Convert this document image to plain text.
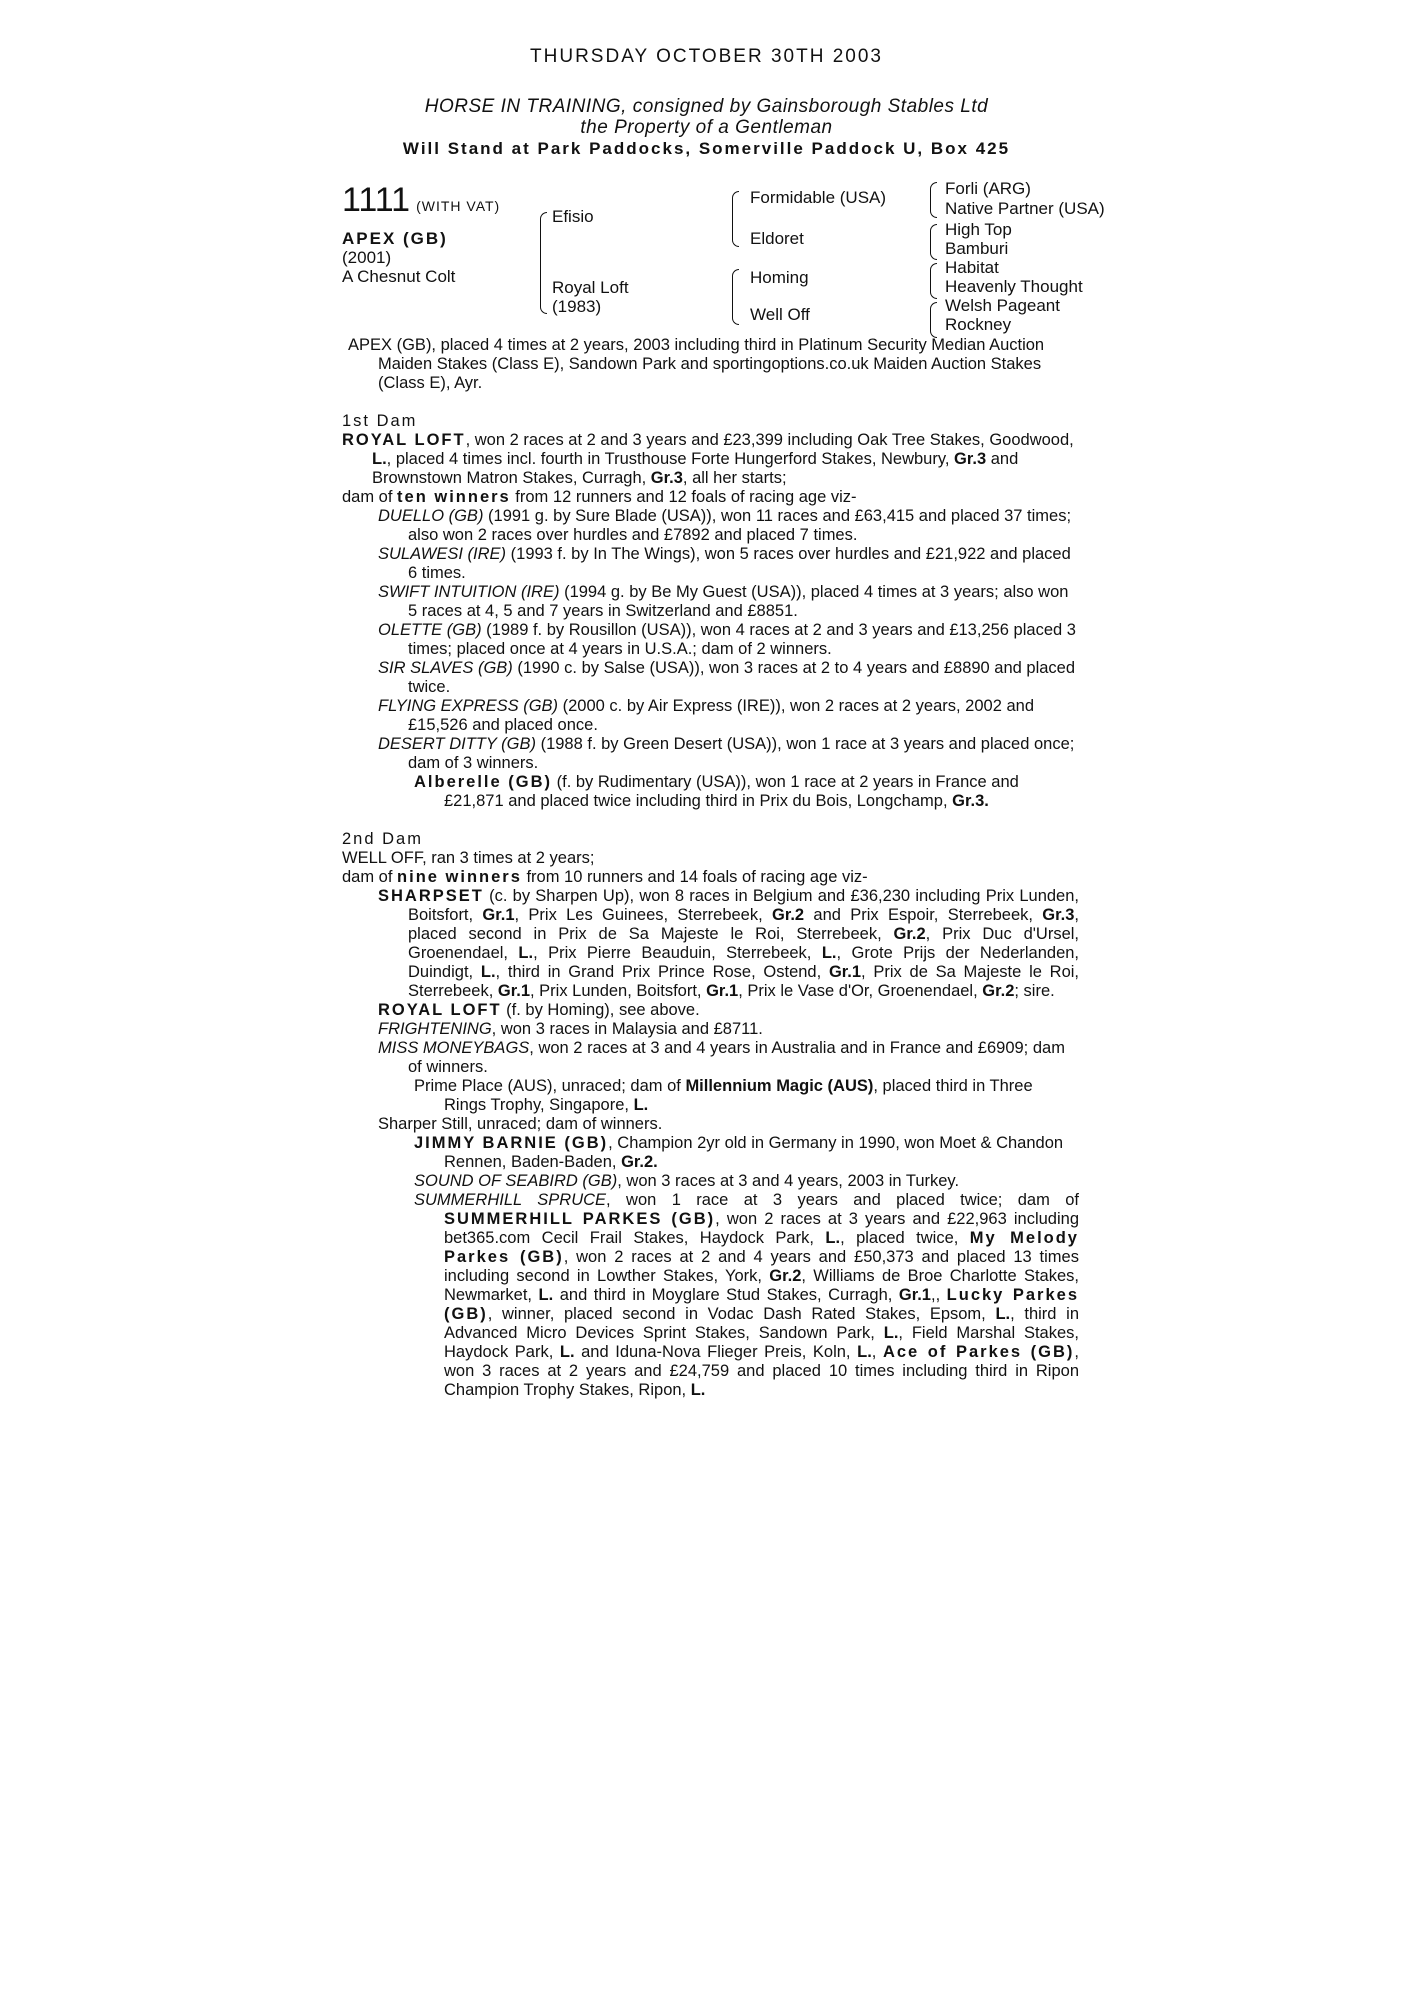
THURSDAY OCTOBER 30TH 2003
HORSE IN TRAINING, consigned by Gainsborough Stables Ltd
the Property of a Gentleman
Will Stand at Park Paddocks, Somerville Paddock U, Box 425
1111 (WITH VAT)
APEX (GB)
(2001)
A Chesnut Colt
Efisio
Royal Loft
(1983)
Formidable (USA)
Eldoret
Homing
Well Off
Forli (ARG)
Native Partner (USA)
High Top
Bamburi
Habitat
Heavenly Thought
Welsh Pageant
Rockney

APEX (GB), placed 4 times at 2 years, 2003 including third in Platinum Security Median Auction Maiden Stakes (Class E), Sandown Park and sportingoptions.co.uk Maiden Auction Stakes (Class E), Ayr.

1st Dam

ROYAL LOFT, won 2 races at 2 and 3 years and £23,399 including Oak Tree Stakes, Goodwood, L., placed 4 times incl. fourth in Trusthouse Forte Hungerford Stakes, Newbury, Gr.3 and Brownstown Matron Stakes, Curragh, Gr.3, all her starts;

dam of ten winners from 12 runners and 12 foals of racing age viz-

DUELLO (GB) (1991 g. by Sure Blade (USA)), won 11 races and £63,415 and placed 37 times; also won 2 races over hurdles and £7892 and placed 7 times.

SULAWESI (IRE) (1993 f. by In The Wings), won 5 races over hurdles and £21,922 and placed 6 times.

SWIFT INTUITION (IRE) (1994 g. by Be My Guest (USA)), placed 4 times at 3 years; also won 5 races at 4, 5 and 7 years in Switzerland and £8851.

OLETTE (GB) (1989 f. by Rousillon (USA)), won 4 races at 2 and 3 years and £13,256 placed 3 times; placed once at 4 years in U.S.A.; dam of 2 winners.

SIR SLAVES (GB) (1990 c. by Salse (USA)), won 3 races at 2 to 4 years and £8890 and placed twice.

FLYING EXPRESS (GB) (2000 c. by Air Express (IRE)), won 2 races at 2 years, 2002 and £15,526 and placed once.

DESERT DITTY (GB) (1988 f. by Green Desert (USA)), won 1 race at 3 years and placed once; dam of 3 winners.

Alberelle (GB) (f. by Rudimentary (USA)), won 1 race at 2 years in France and £21,871 and placed twice including third in Prix du Bois, Longchamp, Gr.3.

2nd Dam

WELL OFF, ran 3 times at 2 years;

dam of nine winners from 10 runners and 14 foals of racing age viz-

SHARPSET (c. by Sharpen Up), won 8 races in Belgium and £36,230 including Prix Lunden, Boitsfort, Gr.1, Prix Les Guinees, Sterrebeek, Gr.2 and Prix Espoir, Sterrebeek, Gr.3, placed second in Prix de Sa Majeste le Roi, Sterrebeek, Gr.2, Prix Duc d'Ursel, Groenendael, L., Prix Pierre Beauduin, Sterrebeek, L., Grote Prijs der Nederlanden, Duindigt, L., third in Grand Prix Prince Rose, Ostend, Gr.1, Prix de Sa Majeste le Roi, Sterrebeek, Gr.1, Prix Lunden, Boitsfort, Gr.1, Prix le Vase d'Or, Groenendael, Gr.2; sire.

ROYAL LOFT (f. by Homing), see above.

FRIGHTENING, won 3 races in Malaysia and £8711.

MISS MONEYBAGS, won 2 races at 3 and 4 years in Australia and in France and £6909; dam of winners.

Prime Place (AUS), unraced; dam of Millennium Magic (AUS), placed third in Three Rings Trophy, Singapore, L.

Sharper Still, unraced; dam of winners.

JIMMY BARNIE (GB), Champion 2yr old in Germany in 1990, won Moet & Chandon Rennen, Baden-Baden, Gr.2.

SOUND OF SEABIRD (GB), won 3 races at 3 and 4 years, 2003 in Turkey.

SUMMERHILL SPRUCE, won 1 race at 3 years and placed twice; dam of SUMMERHILL PARKES (GB), won 2 races at 3 years and £22,963 including bet365.com Cecil Frail Stakes, Haydock Park, L., placed twice, My Melody Parkes (GB), won 2 races at 2 and 4 years and £50,373 and placed 13 times including second in Lowther Stakes, York, Gr.2, Williams de Broe Charlotte Stakes, Newmarket, L. and third in Moyglare Stud Stakes, Curragh, Gr.1,, Lucky Parkes (GB), winner, placed second in Vodac Dash Rated Stakes, Epsom, L., third in Advanced Micro Devices Sprint Stakes, Sandown Park, L., Field Marshal Stakes, Haydock Park, L. and Iduna-Nova Flieger Preis, Koln, L., Ace of Parkes (GB), won 3 races at 2 years and £24,759 and placed 10 times including third in Ripon Champion Trophy Stakes, Ripon, L.
